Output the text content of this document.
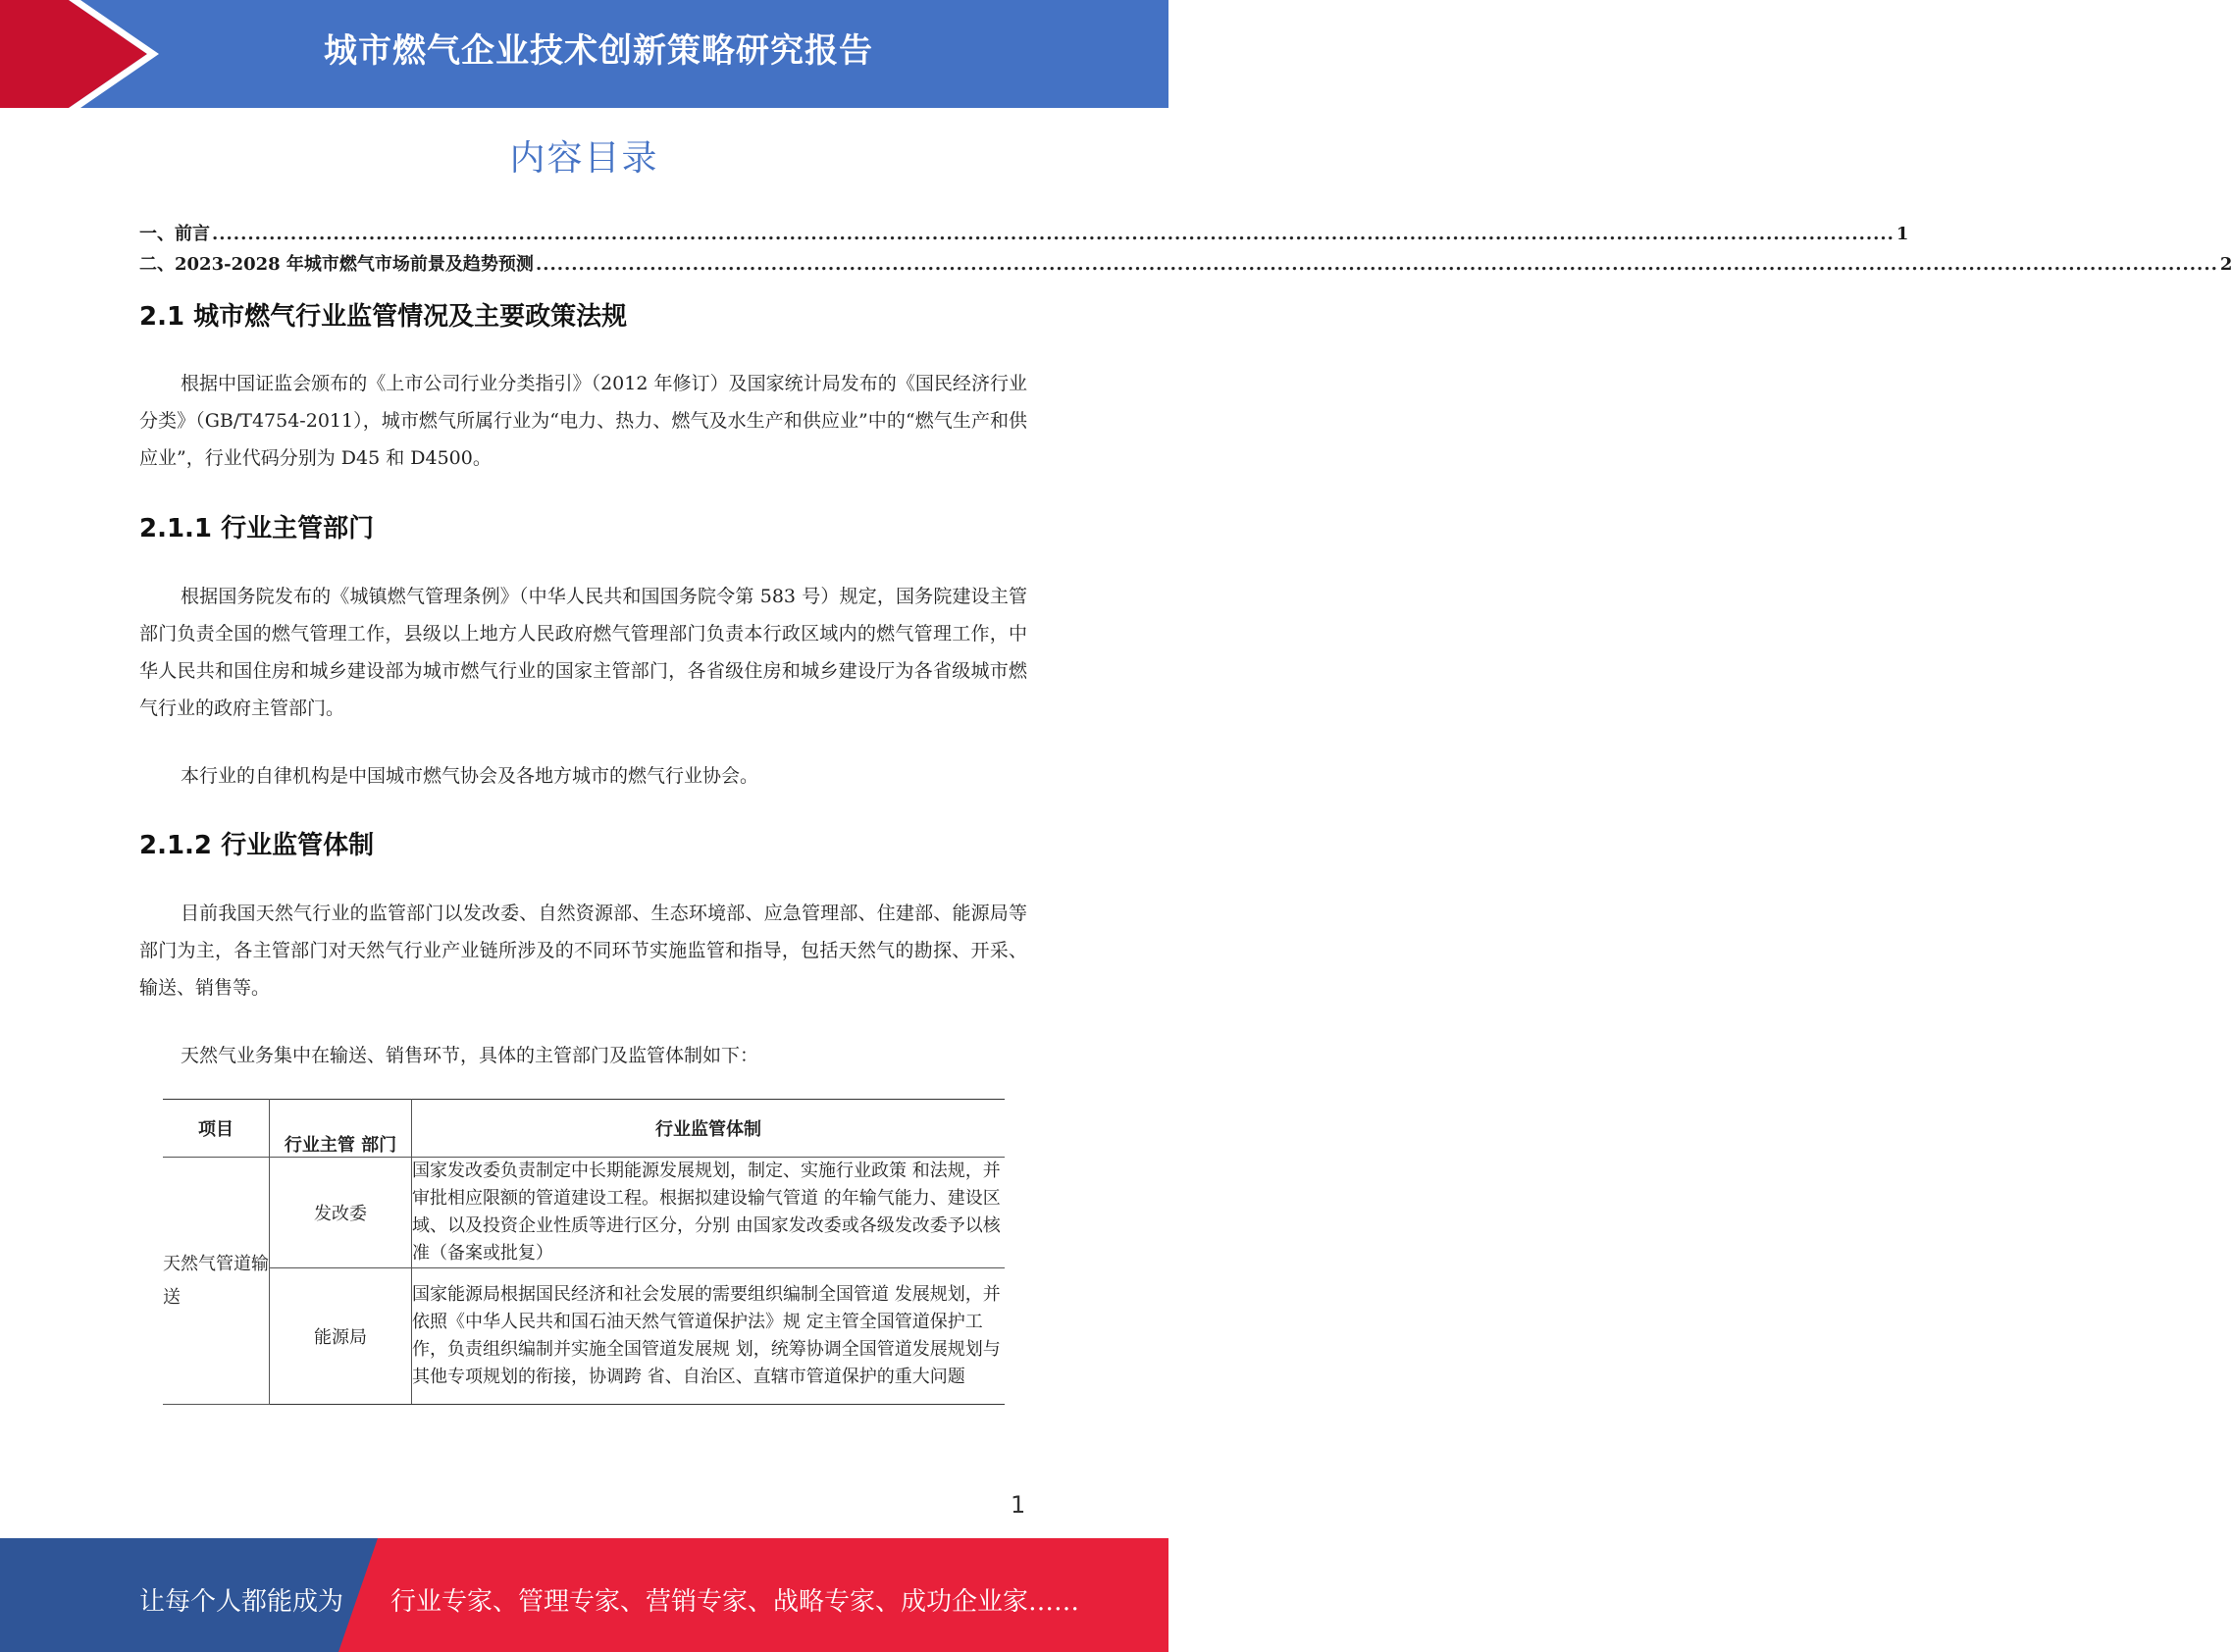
城市燃气企业技术创新策略研究报告
内容目录
一、前言 ............................................................................................................................................................................................................................................ 1
二、2023-2028 年城市燃气市场前景及趋势预测 ............................................................................................................................................................................................................................................ 2
2.1 城市燃气行业监管情况及主要政策法规

根据中国证监会颁布的《上市公司行业分类指引》（2012 年修订）及国家统计局发布的《国民经济行业分类》（GB/T4754-2011），城市燃气所属行业为“电力、热力、燃气及水生产和供应业”中的“燃气生产和供应业”，行业代码分别为 D45 和 D4500。

2.1.1 行业主管部门

根据国务院发布的《城镇燃气管理条例》（中华人民共和国国务院令第 583 号）规定，国务院建设主管部门负责全国的燃气管理工作，县级以上地方人民政府燃气管理部门负责本行政区域内的燃气管理工作，中华人民共和国住房和城乡建设部为城市燃气行业的国家主管部门，各省级住房和城乡建设厅为各省级城市燃气行业的政府主管部门。

本行业的自律机构是中国城市燃气协会及各地方城市的燃气行业协会。

2.1.2 行业监管体制

目前我国天然气行业的监管部门以发改委、自然资源部、生态环境部、应急管理部、住建部、能源局等部门为主，各主管部门对天然气行业产业链所涉及的不同环节实施监管和指导，包括天然气的勘探、开采、输送、销售等。

天然气业务集中在输送、销售环节，具体的主管部门及监管体制如下：

项目	行业主管 部门	行业监管体制
天然气管道输送	发改委	国家发改委负责制定中长期能源发展规划，制定、实施行业政策 和法规，并审批相应限额的管道建设工程。根据拟建设输气管道 的年输气能力、建设区域、以及投资企业性质等进行区分，分别 由国家发改委或各级发改委予以核准（备案或批复）
	能源局	国家能源局根据国民经济和社会发展的需要组织编制全国管道 发展规划，并依照《中华人民共和国石油天然气管道保护法》规 定主管全国管道保护工作，负责组织编制并实施全国管道发展规 划，统筹协调全国管道发展规划与其他专项规划的衔接，协调跨 省、自治区、直辖市管道保护的重大问题
1
让每个人都能成为 行业专家、管理专家、营销专家、战略专家、成功企业家……
